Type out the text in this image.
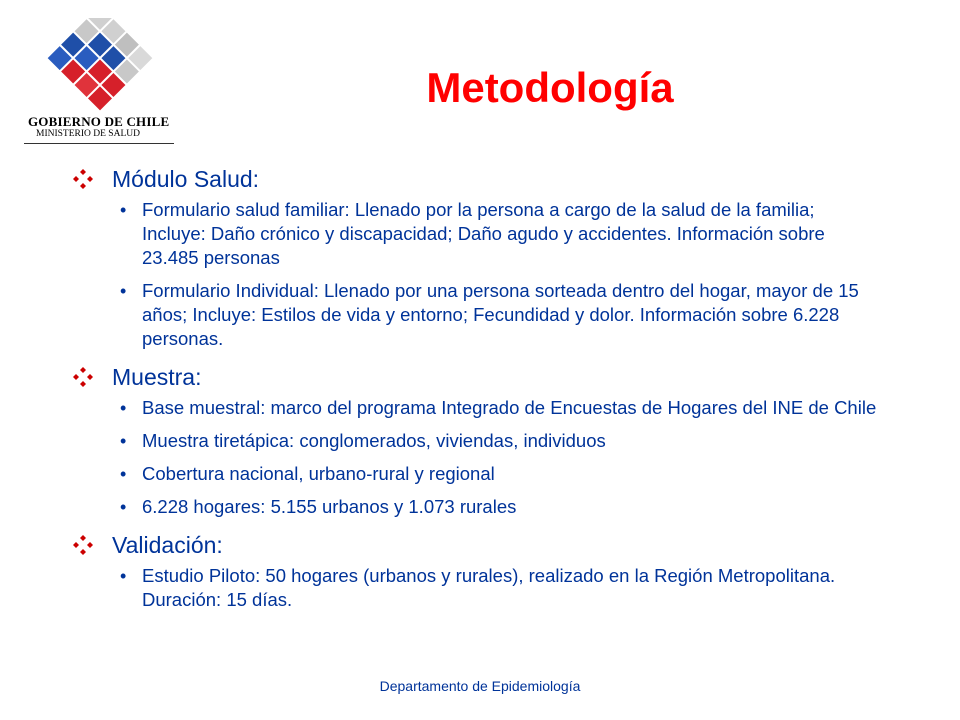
GOBIERNO DE CHILE
MINISTERIO DE SALUD
Metodología
Módulo Salud:
• Formulario salud familiar: Llenado por la persona a cargo de la salud de la familia; Incluye: Daño crónico y discapacidad; Daño agudo y accidentes. Información sobre 23.485 personas
• Formulario Individual: Llenado por una persona sorteada dentro del hogar, mayor de 15 años; Incluye: Estilos de vida y entorno; Fecundidad y dolor. Información sobre 6.228 personas.
Muestra:
• Base muestral: marco del programa Integrado de Encuestas de Hogares del INE de Chile
• Muestra tiretápica: conglomerados, viviendas, individuos
• Cobertura nacional, urbano-rural y regional
• 6.228 hogares: 5.155 urbanos y 1.073 rurales
Validación:
• Estudio Piloto: 50 hogares (urbanos y rurales), realizado en la Región Metropolitana. Duración: 15 días.
Departamento de Epidemiología
